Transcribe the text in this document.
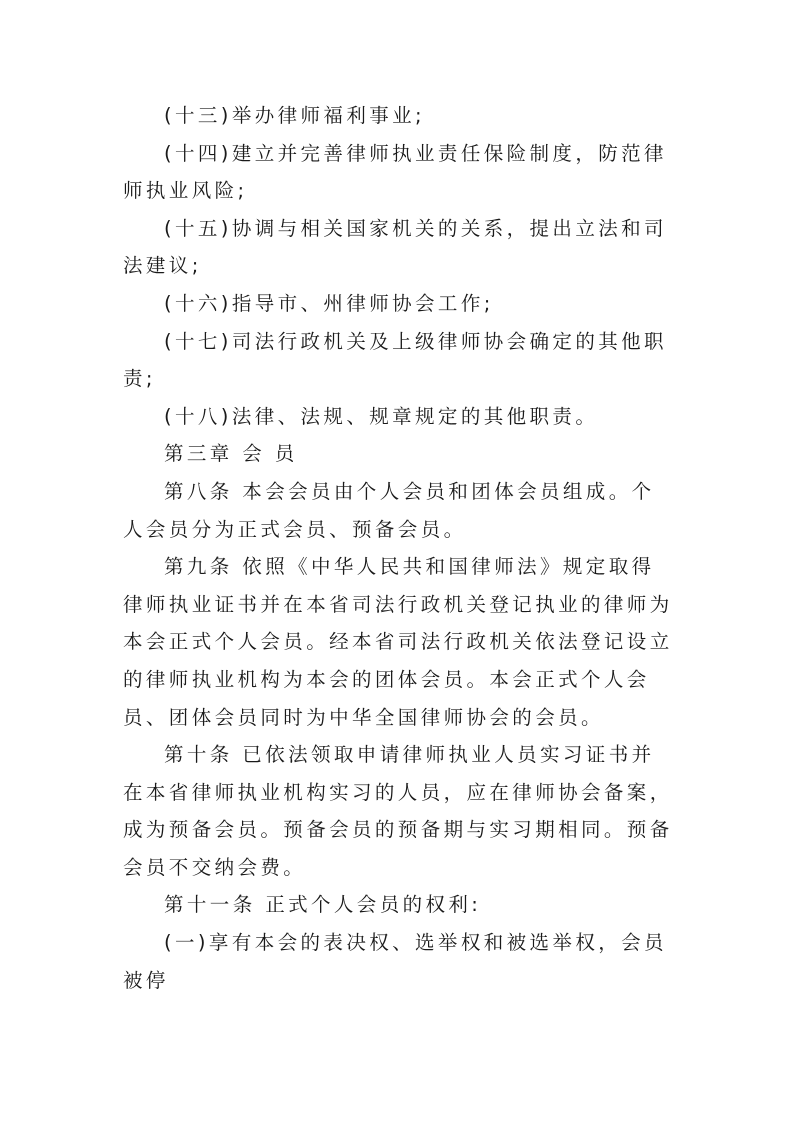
(十三)举办律师福利事业;

(十四)建立并完善律师执业责任保险制度，防范律师执业风险;

(十五)协调与相关国家机关的关系，提出立法和司法建议;

(十六)指导市、州律师协会工作;

(十七)司法行政机关及上级律师协会确定的其他职责;

(十八)法律、法规、规章规定的其他职责。

第三章 会 员

第八条 本会会员由个人会员和团体会员组成。个人会员分为正式会员、预备会员。

第九条 依照《中华人民共和国律师法》规定取得律师执业证书并在本省司法行政机关登记执业的律师为本会正式个人会员。经本省司法行政机关依法登记设立的律师执业机构为本会的团体会员。本会正式个人会员、团体会员同时为中华全国律师协会的会员。

第十条 已依法领取申请律师执业人员实习证书并在本省律师执业机构实习的人员，应在律师协会备案，成为预备会员。预备会员的预备期与实习期相同。预备会员不交纳会费。

第十一条 正式个人会员的权利:

(一)享有本会的表决权、选举权和被选举权，会员被停
